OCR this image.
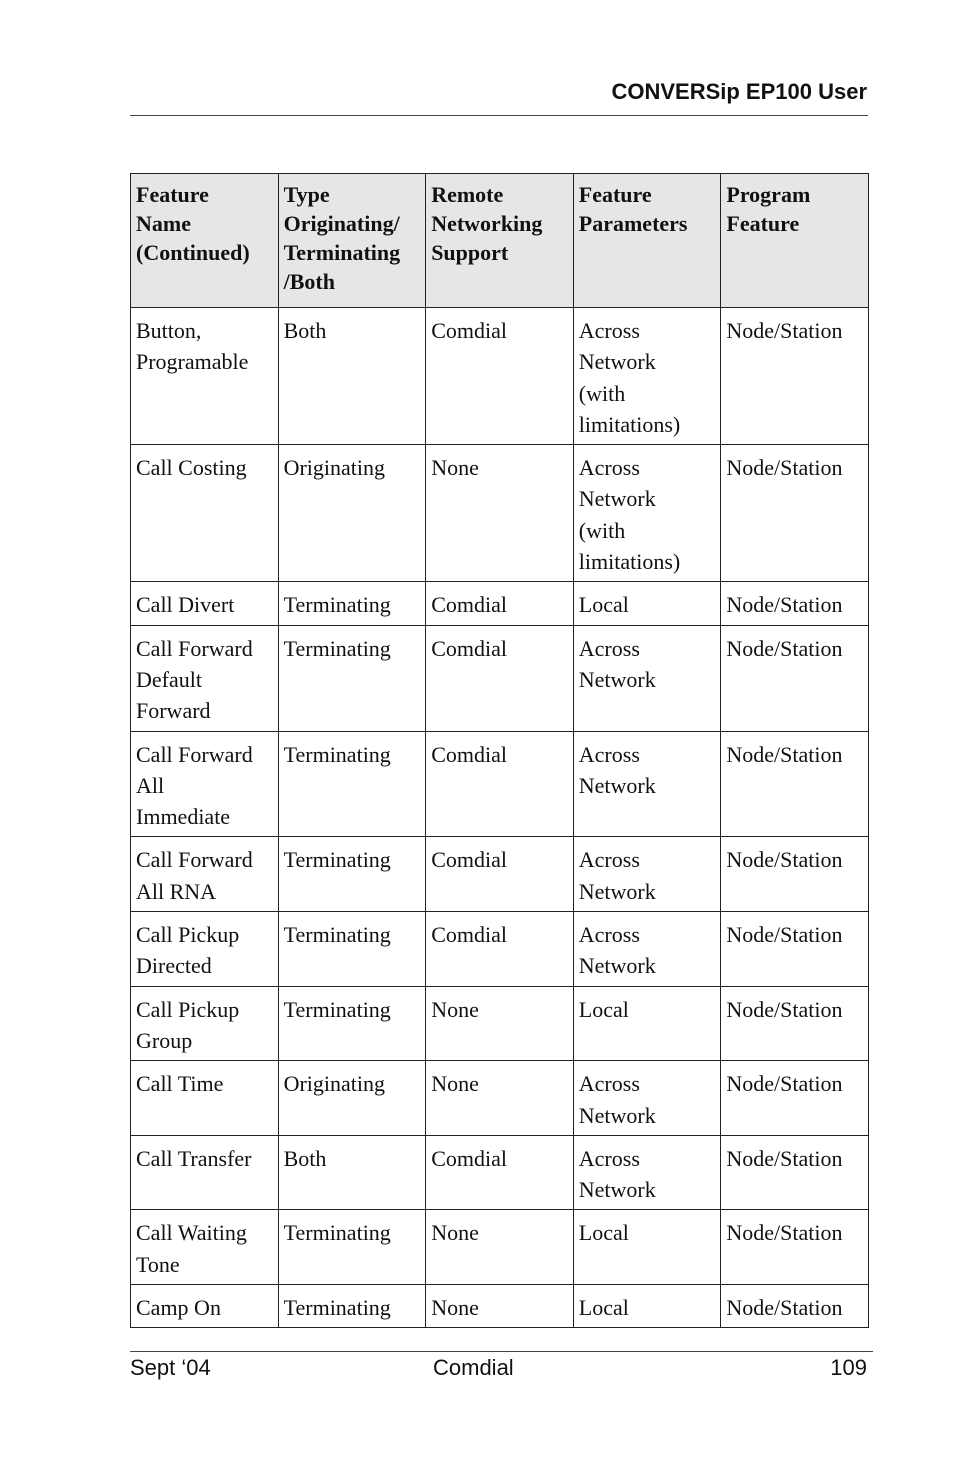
CONVERSip EP100 User
Feature
Name
(Continued)	Type
Originating/
Terminating
/Both	Remote
Networking
Support	Feature
Parameters	Program
Feature
Button,
Programable	Both	Comdial	Across
Network
(with
limitations)	Node/Station
Call Costing	Originating	None	Across
Network
(with
limitations)	Node/Station
Call Divert	Terminating	Comdial	Local	Node/Station
Call Forward
Default
Forward	Terminating	Comdial	Across
Network	Node/Station
Call Forward
All
Immediate	Terminating	Comdial	Across
Network	Node/Station
Call Forward
All RNA	Terminating	Comdial	Across
Network	Node/Station
Call Pickup
Directed	Terminating	Comdial	Across
Network	Node/Station
Call Pickup
Group	Terminating	None	Local	Node/Station
Call Time	Originating	None	Across
Network	Node/Station
Call Transfer	Both	Comdial	Across
Network	Node/Station
Call Waiting
Tone	Terminating	None	Local	Node/Station
Camp On	Terminating	None	Local	Node/Station
Sept ‘04	Comdial	109
